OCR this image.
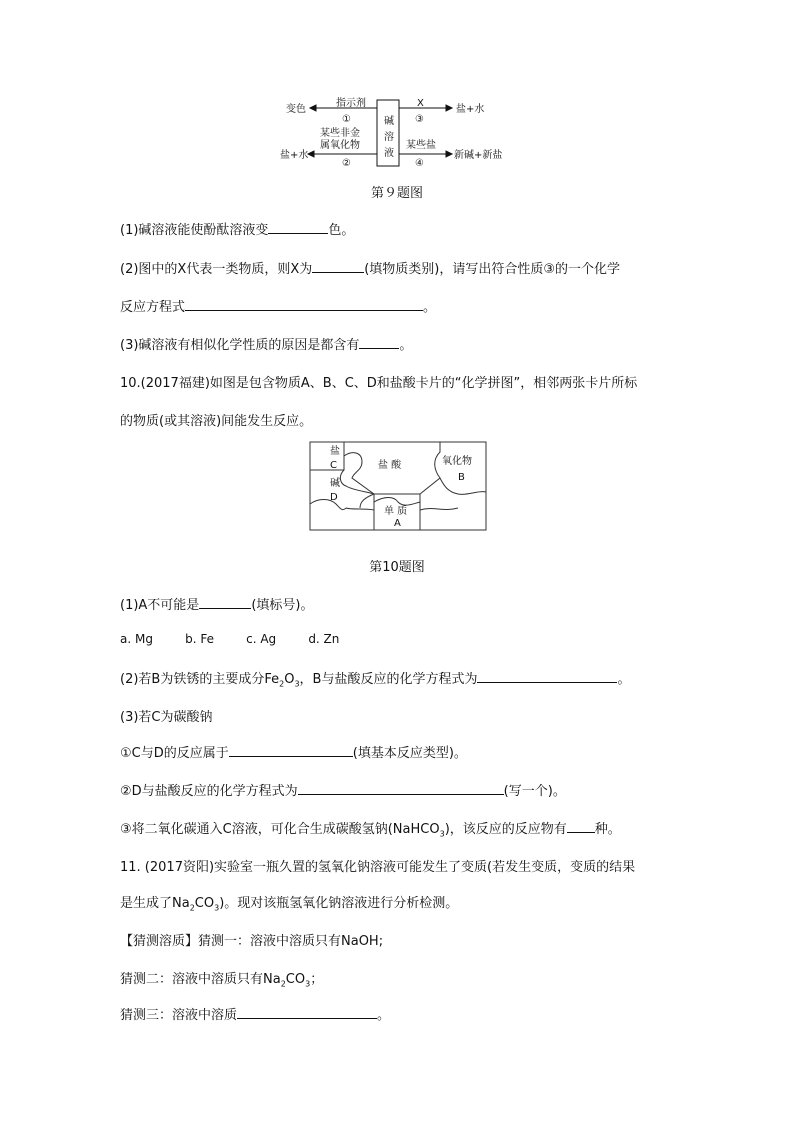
变色
指示剂
①
盐+水
某些非金
属氧化物
②
碱
溶
液
X
③
盐+水
某些盐
④
新碱+新盐
第９题图
(1)碱溶液能使酚酞溶液变	色。
(2)图中的X代表一类物质，则X为	(填物质类别)，请写出符合性质③的一个化学
反应方程式	。
(3)碱溶液有相似化学性质的原因是都含有	。
10.(2017福建)如图是包含物质A、B、C、D和盐酸卡片的“化学拼图”，相邻两张卡片所标
的物质(或其溶液)间能发生反应。
盐
C
碱
D
盐 酸	氧化物
B
单 质
A
第10题图
(1)A不可能是	(填标号)。
a. Mg	b. Fe	c. Ag	d. Zn
(2)若B为铁锈的主要成分$Fe_2O_3$，B与盐酸反应的化学方程式为	。
(3)若C为碳酸钠
①C与D的反应属于	(填基本反应类型)。
②D与盐酸反应的化学方程式为	(写一个)。
③将二氧化碳通入C溶液，可化合生成碳酸氢钠(NaHCO$_3$)，该反应的反应物有 种。
11. (2017资阳)实验室一瓶久置的氢氧化钠溶液可能发生了变质(若发生变质，变质的结果
是生成了$Na_2CO_3$)。现对该瓶氢氧化钠溶液进行分析检测。
【猜测溶质】猜测一：溶液中溶质只有NaOH;
猜测二：溶液中溶质只有$Na_2CO_3$；
猜测三：溶液中溶质	。
